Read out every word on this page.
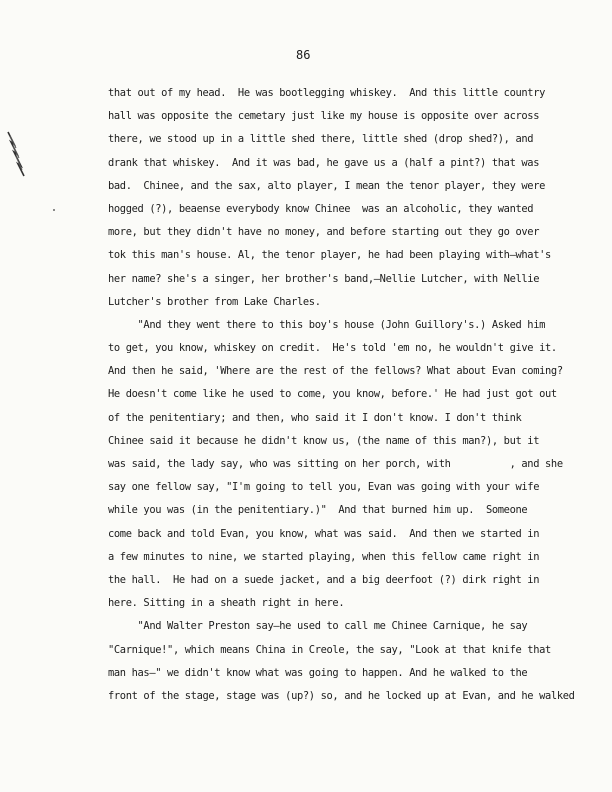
86
that out of my head.  He was bootlegging whiskey.  And this little country
hall was opposite the cemetary just like my house is opposite over across
there, we stood up in a little shed there, little shed (drop shed?), and
drank that whiskey.  And it was bad, he gave us a (half a pint?) that was
bad.  Chinee, and the sax, alto player, I mean the tenor player, they were
hogged (?), beaense everybody know Chinee  was an alcoholic, they wanted
more, but they didn't have no money, and before starting out they go over
tok this man's house. Al, the tenor player, he had been playing with—what's
her name? she's a singer, her brother's band,—Nellie Lutcher, with Nellie
Lutcher's brother from Lake Charles.
"And they went there to this boy's house (John Guillory's.) Asked him
to get, you know, whiskey on credit.  He's told 'em no, he wouldn't give it.
And then he said, 'Where are the rest of the fellows? What about Evan coming?
He doesn't come like he used to come, you know, before.' He had just got out
of the penitentiary; and then, who said it I don't know. I don't think
Chinee said it because he didn't know us, (the name of this man?), but it
was said, the lady say, who was sitting on her porch, with          , and she
say one fellow say, "I'm going to tell you, Evan was going with your wife
while you was (in the penitentiary.)"  And that burned him up.  Someone
come back and told Evan, you know, what was said.  And then we started in
a few minutes to nine, we started playing, when this fellow came right in
the hall.  He had on a suede jacket, and a big deerfoot (?) dirk right in
here. Sitting in a sheath right in here.
"And Walter Preston say—he used to call me Chinee Carnique, he say
"Carnique!", which means China in Creole, the say, "Look at that knife that
man has—" we didn't know what was going to happen. And he walked to the
front of the stage, stage was (up?) so, and he locked up at Evan, and he walked
